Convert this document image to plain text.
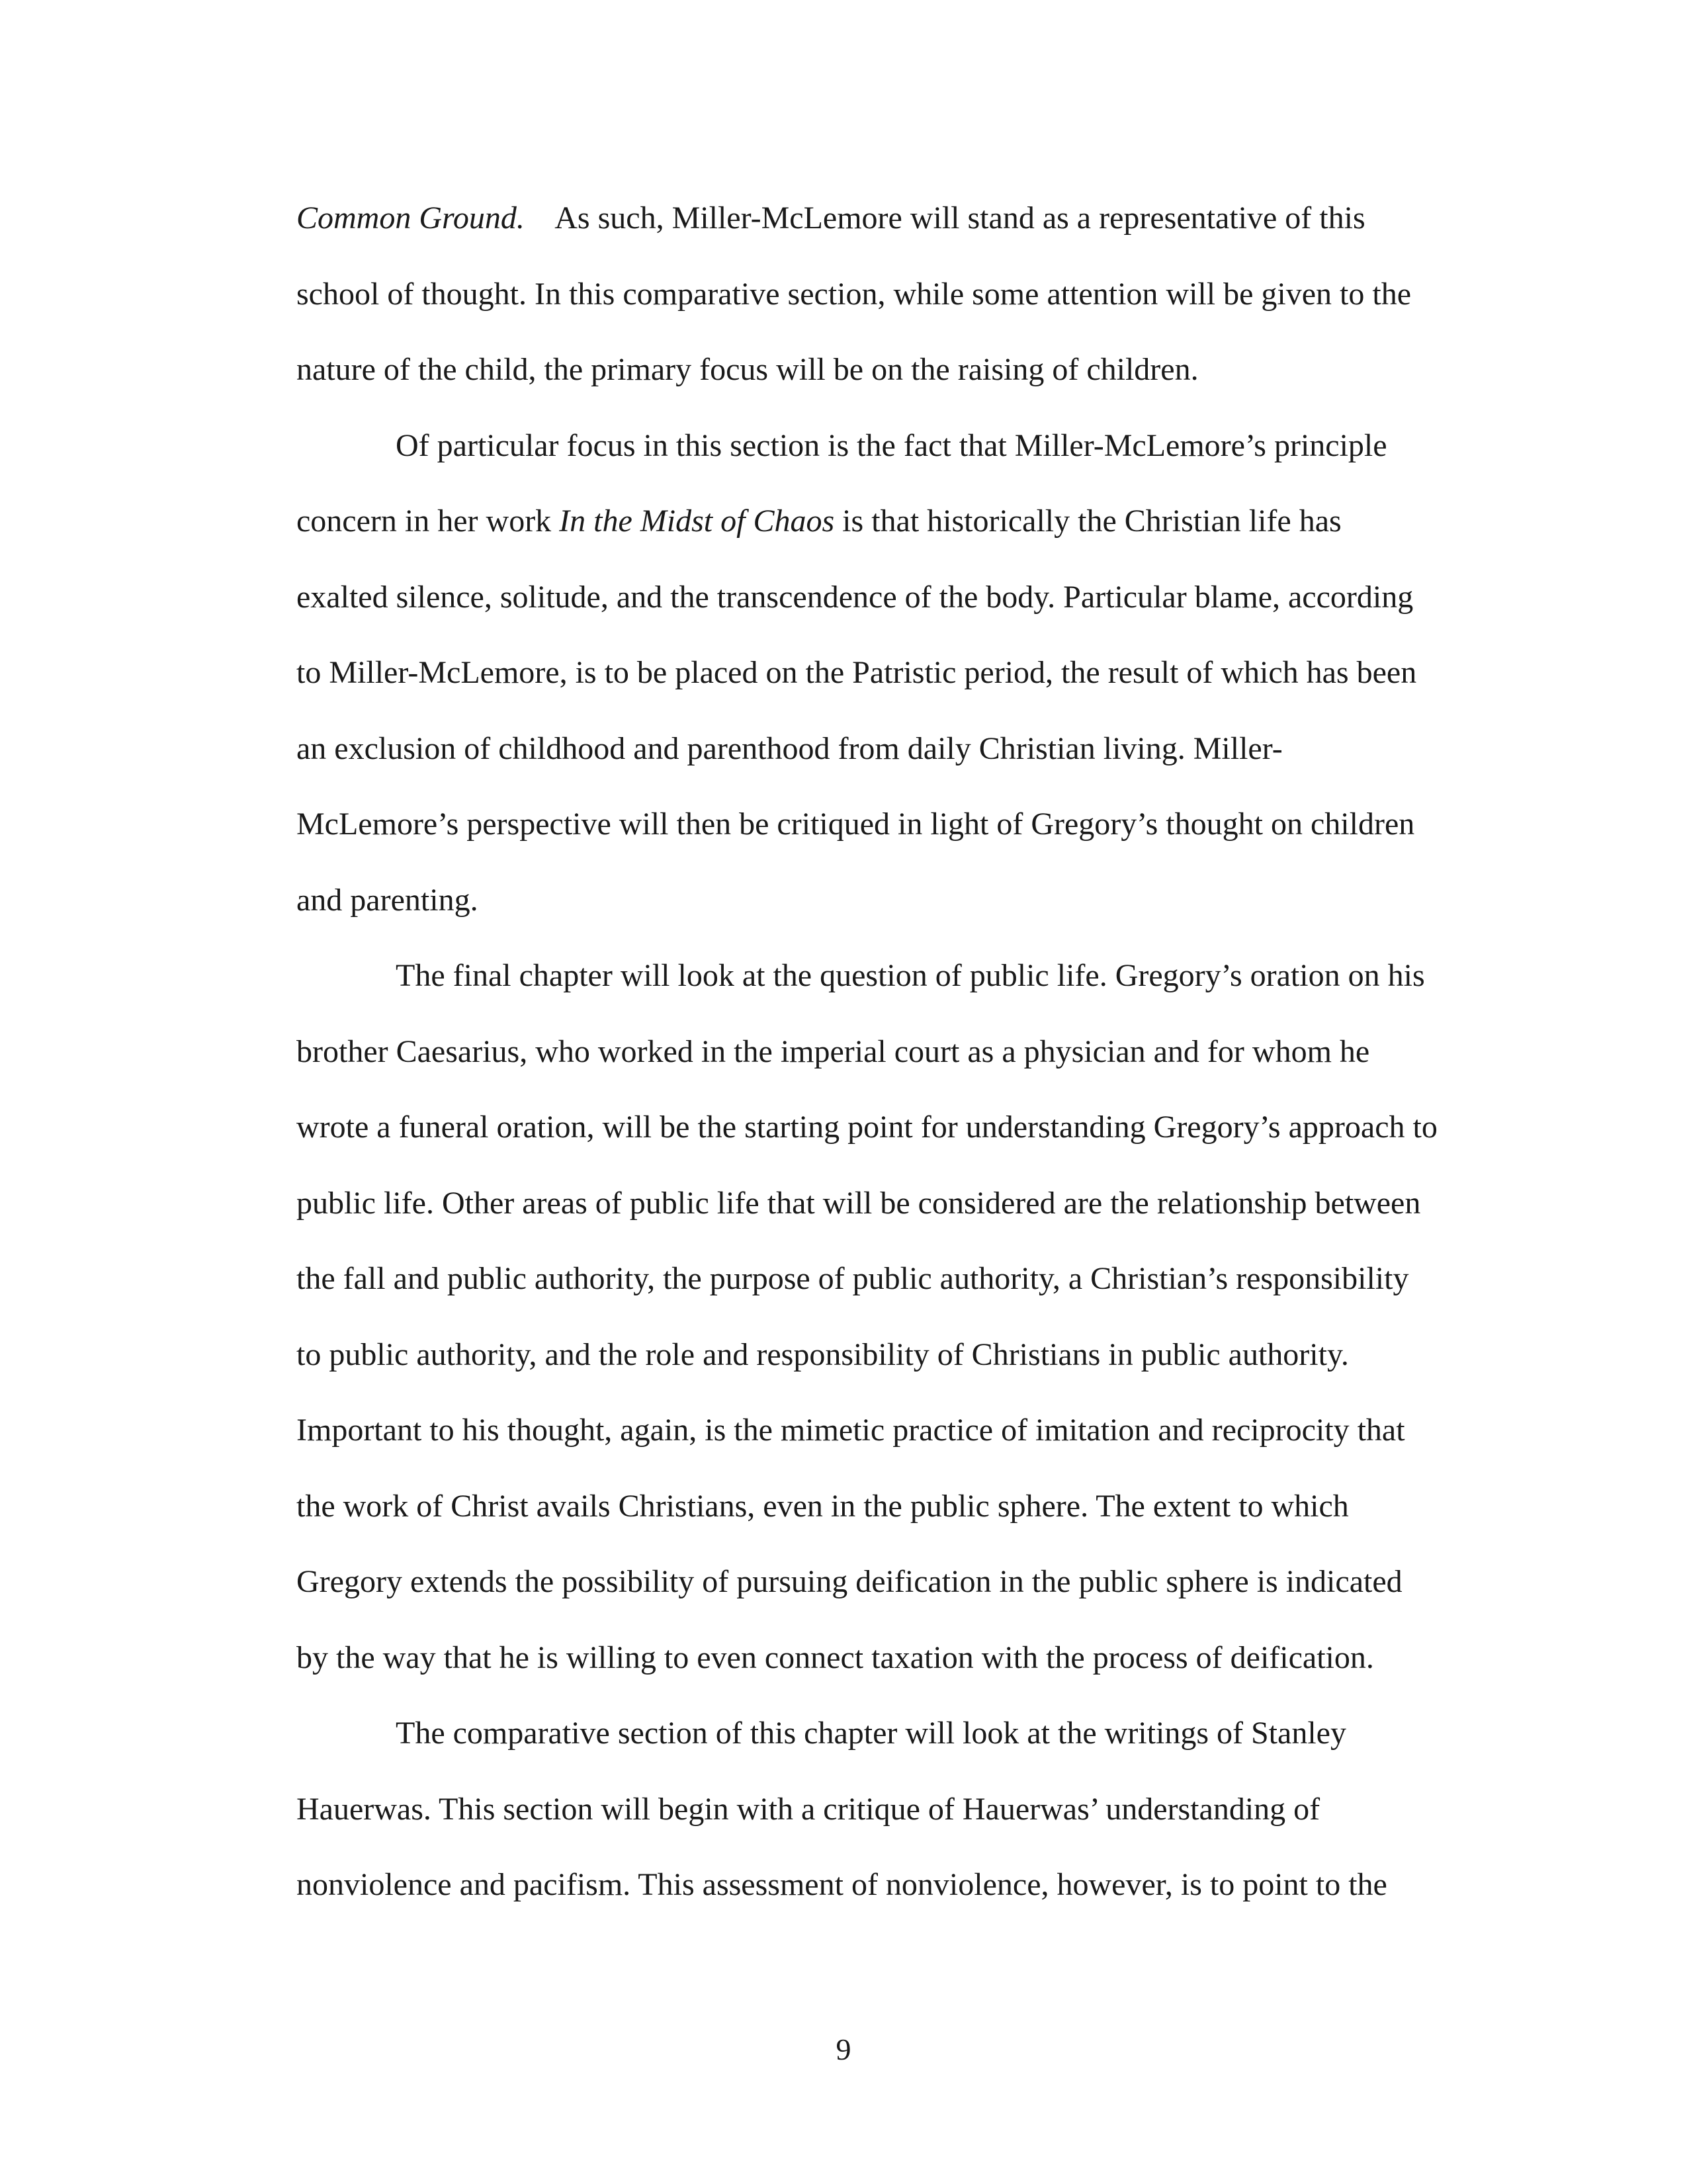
Common Ground.    As such, Miller-McLemore will stand as a representative of this
school of thought. In this comparative section, while some attention will be given to the
nature of the child, the primary focus will be on the raising of children.
Of particular focus in this section is the fact that Miller-McLemore’s principle
concern in her work In the Midst of Chaos is that historically the Christian life has
exalted silence, solitude, and the transcendence of the body. Particular blame, according
to Miller-McLemore, is to be placed on the Patristic period, the result of which has been
an exclusion of childhood and parenthood from daily Christian living. Miller-
McLemore’s perspective will then be critiqued in light of Gregory’s thought on children
and parenting.
The final chapter will look at the question of public life. Gregory’s oration on his
brother Caesarius, who worked in the imperial court as a physician and for whom he
wrote a funeral oration, will be the starting point for understanding Gregory’s approach to
public life. Other areas of public life that will be considered are the relationship between
the fall and public authority, the purpose of public authority, a Christian’s responsibility
to public authority, and the role and responsibility of Christians in public authority.
Important to his thought, again, is the mimetic practice of imitation and reciprocity that
the work of Christ avails Christians, even in the public sphere. The extent to which
Gregory extends the possibility of pursuing deification in the public sphere is indicated
by the way that he is willing to even connect taxation with the process of deification.
The comparative section of this chapter will look at the writings of Stanley
Hauerwas. This section will begin with a critique of Hauerwas’ understanding of
nonviolence and pacifism. This assessment of nonviolence, however, is to point to the
9
